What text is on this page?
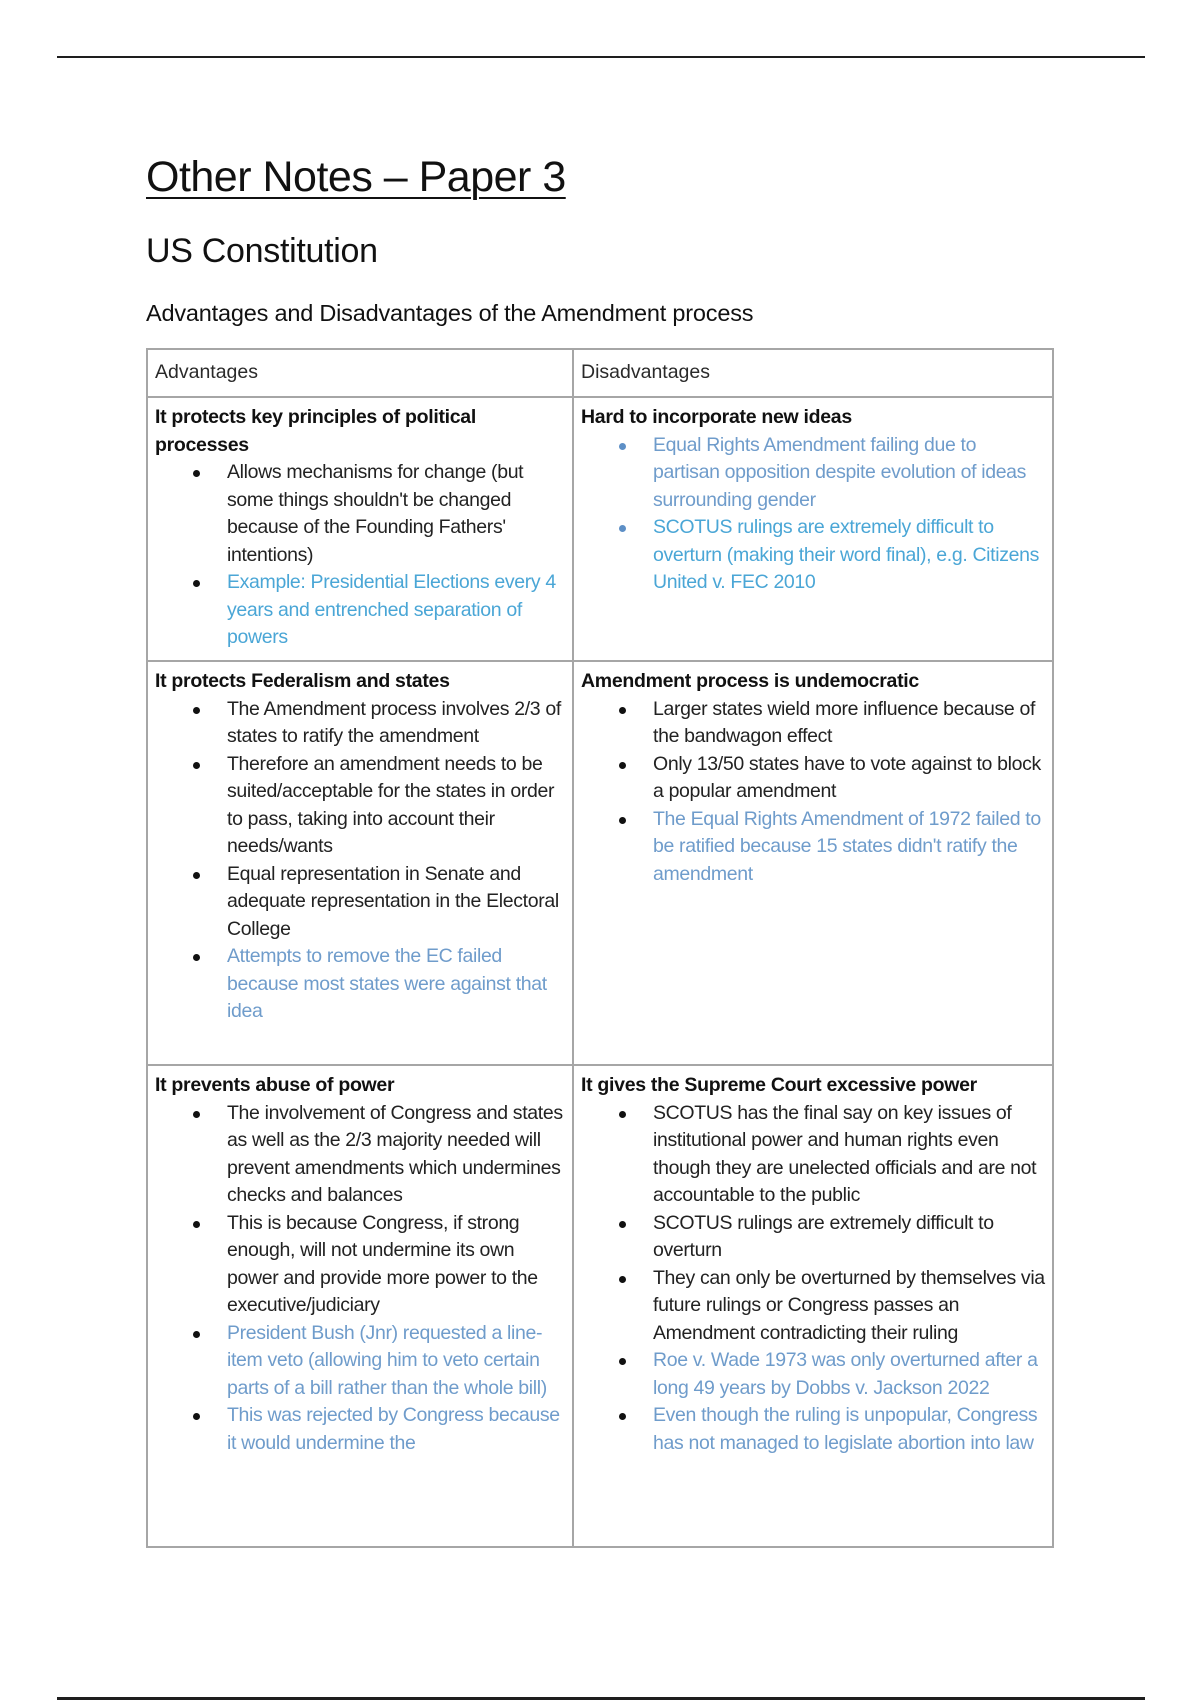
Other Notes – Paper 3
US Constitution
Advantages and Disadvantages of the Amendment process
Advantages	Disadvantages
It protects key principles of political processes
Allows mechanisms for change (but some things shouldn't be changed because of the Founding Fathers' intentions)
Example: Presidential Elections every 4 years and entrenched separation of powers
Hard to incorporate new ideas
Equal Rights Amendment failing due to partisan opposition despite evolution of ideas surrounding gender
SCOTUS rulings are extremely difficult to overturn (making their word final), e.g. Citizens United v. FEC 2010
It protects Federalism and states
The Amendment process involves 2/3 of states to ratify the amendment
Therefore an amendment needs to be suited/acceptable for the states in order to pass, taking into account their needs/wants
Equal representation in Senate and adequate representation in the Electoral College
Attempts to remove the EC failed because most states were against that idea
Amendment process is undemocratic
Larger states wield more influence because of the bandwagon effect
Only 13/50 states have to vote against to block a popular amendment
The Equal Rights Amendment of 1972 failed to be ratified because 15 states didn't ratify the amendment
It prevents abuse of power
The involvement of Congress and states as well as the 2/3 majority needed will prevent amendments which undermines checks and balances
This is because Congress, if strong enough, will not undermine its own power and provide more power to the executive/judiciary
President Bush (Jnr) requested a line-item veto (allowing him to veto certain parts of a bill rather than the whole bill)
This was rejected by Congress because it would undermine the
It gives the Supreme Court excessive power
SCOTUS has the final say on key issues of institutional power and human rights even though they are unelected officials and are not accountable to the public
SCOTUS rulings are extremely difficult to overturn
They can only be overturned by themselves via future rulings or Congress passes an Amendment contradicting their ruling
Roe v. Wade 1973 was only overturned after a long 49 years by Dobbs v. Jackson 2022
Even though the ruling is unpopular, Congress has not managed to legislate abortion into law
